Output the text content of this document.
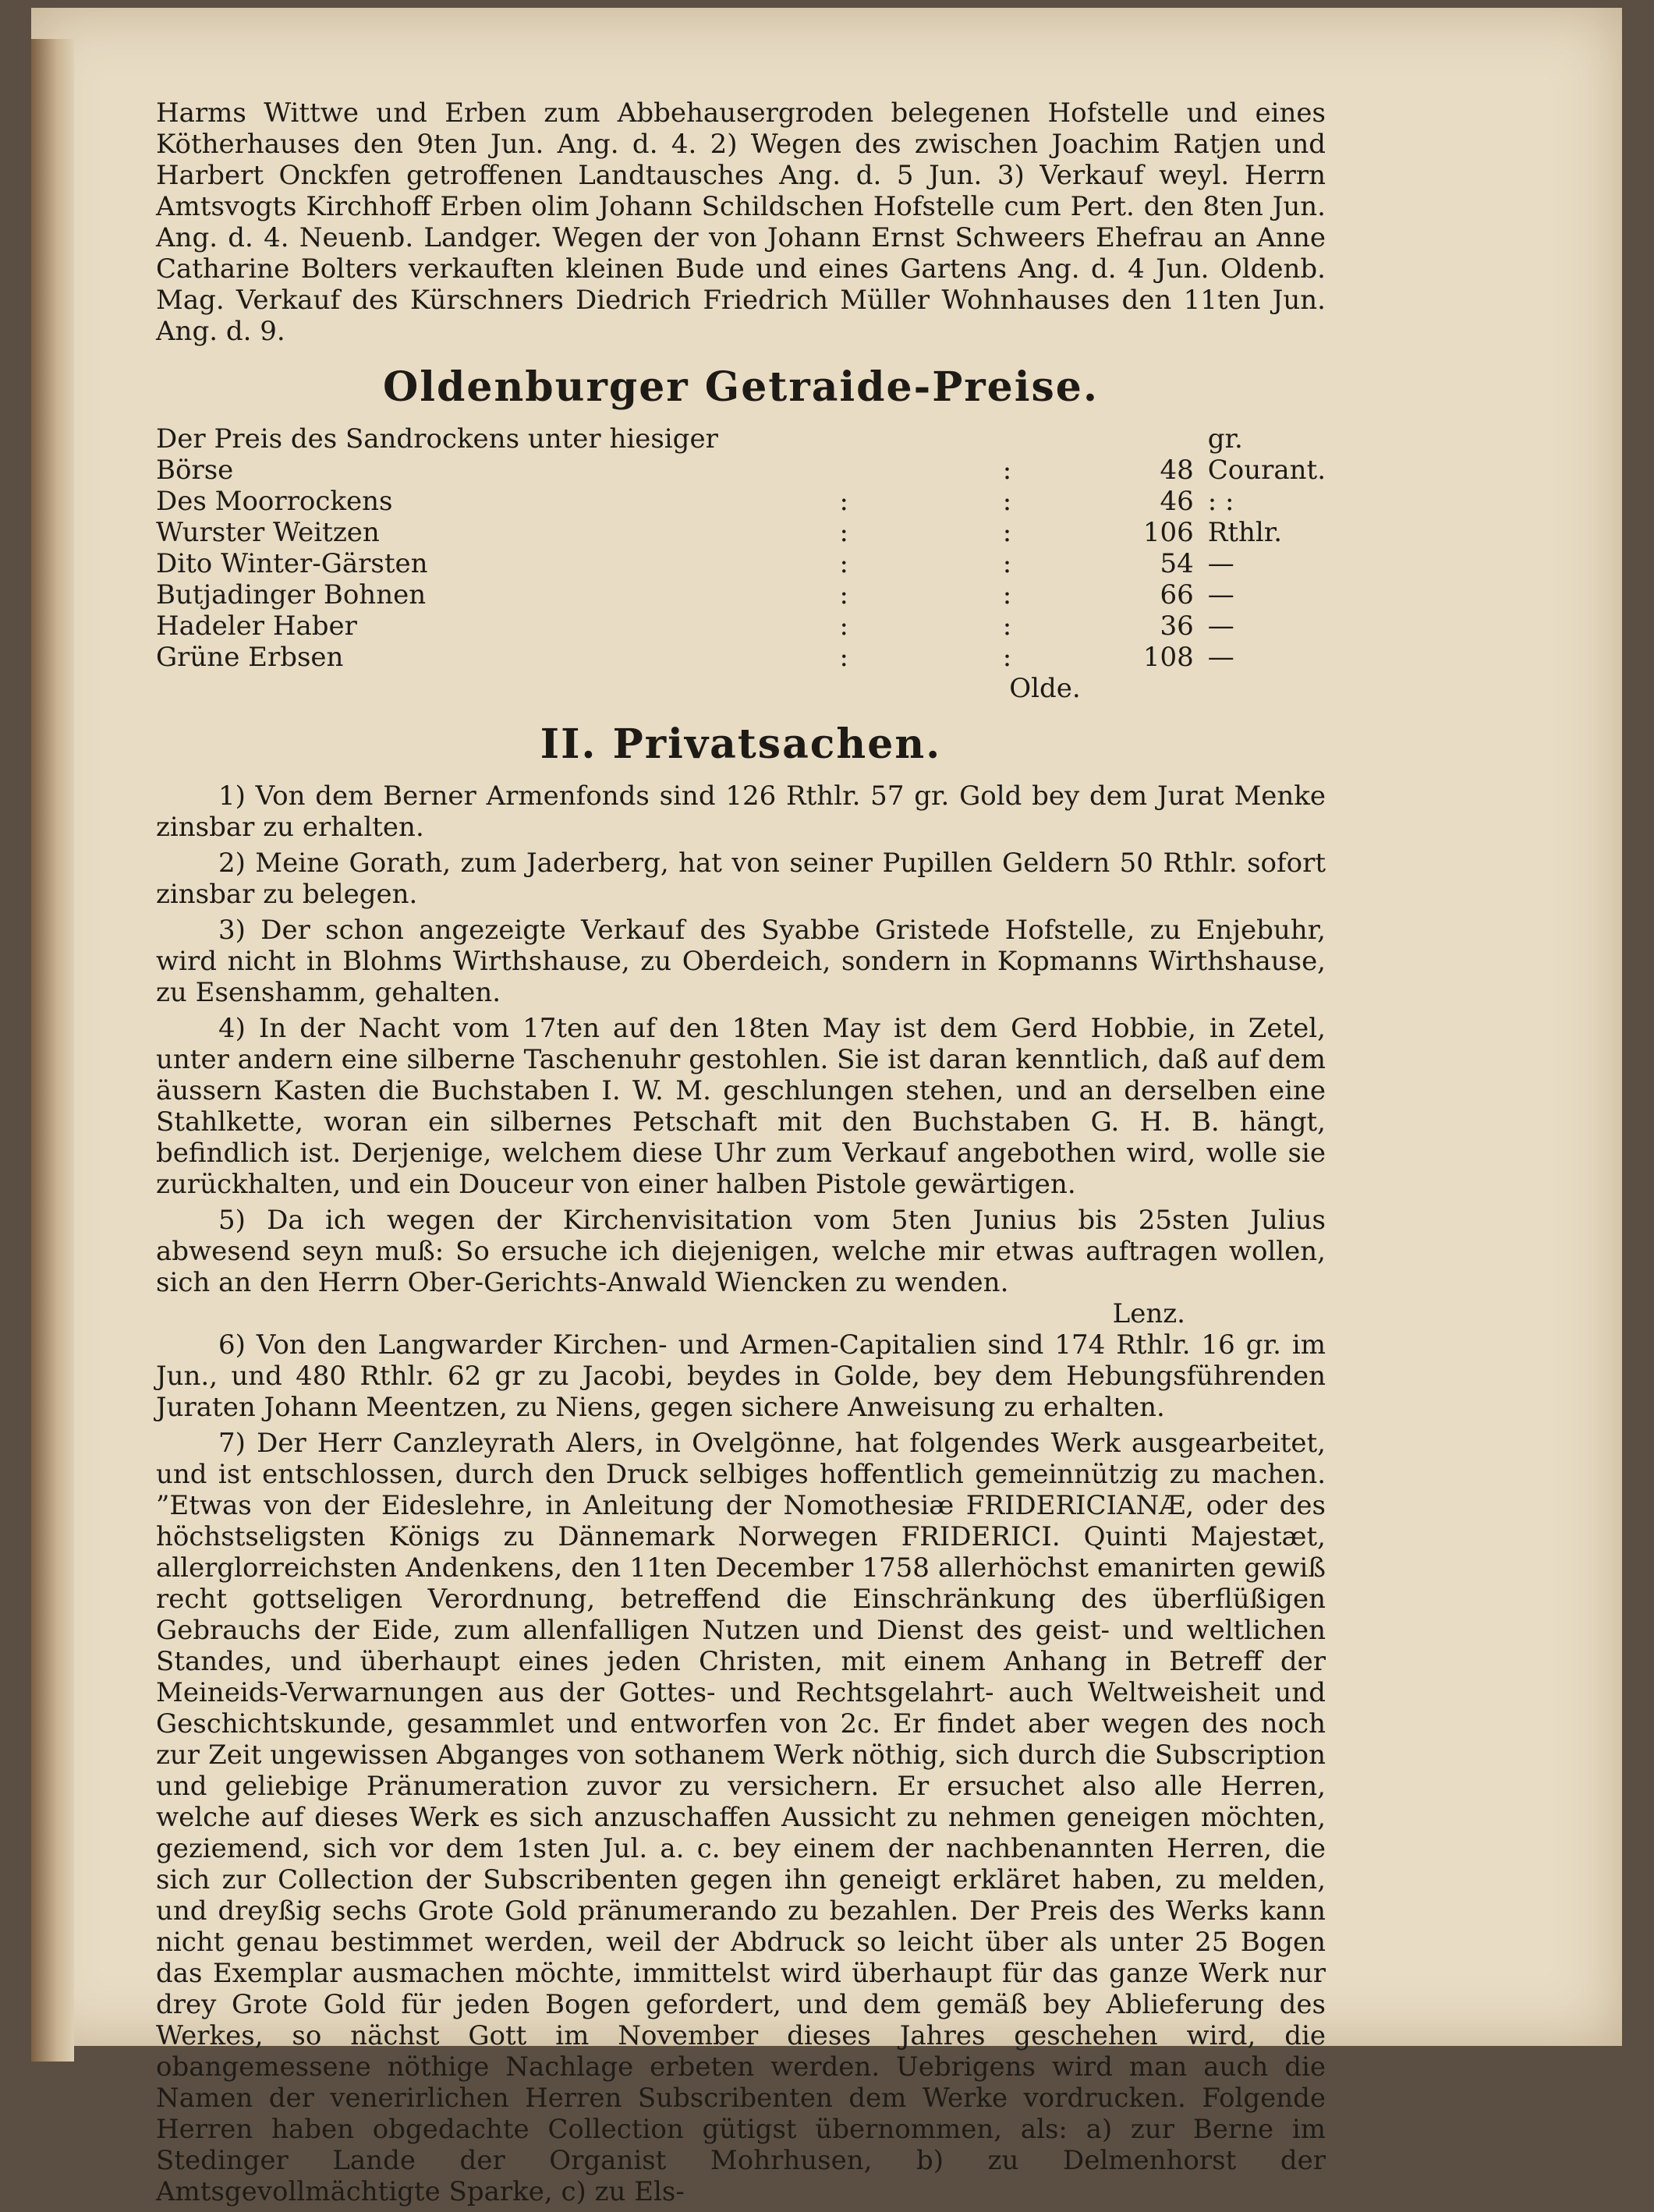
Harms Wittwe und Erben zum Abbehausergroden belegenen Hofstelle und eines Kötherhauses den 9ten Jun. Ang. d. 4. 2) Wegen des zwischen Joachim Ratjen und Harbert Onckfen getroffenen Landtausches Ang. d. 5 Jun. 3) Verkauf weyl. Herrn Amtsvogts Kirchhoff Erben olim Johann Schildschen Hofstelle cum Pert. den 8ten Jun. Ang. d. 4. Neuenb. Landger. Wegen der von Johann Ernst Schweers Ehefrau an Anne Catharine Bolters verkauften kleinen Bude und eines Gartens Ang. d. 4 Jun. Oldenb. Mag. Verkauf des Kürschners Diedrich Friedrich Müller Wohnhauses den 11ten Jun. Ang. d. 9.

Oldenburger Getraide-Preise.
Der Preis des Sandrockens unter hiesiger Börse		:	48	gr. Courant.
Des Moorrockens	:	:	46	: :
Wurster Weitzen	:	:	106	Rthlr.
Dito Winter-Gärsten	:	:	54	—
Butjadinger Bohnen	:	:	66	—
Hadeler Haber	:	:	36	—
Grüne Erbsen	:	:	108	—
Olde.
II. Privatsachen.

1) Von dem Berner Armenfonds sind 126 Rthlr. 57 gr. Gold bey dem Jurat Menke zinsbar zu erhalten.

2) Meine Gorath, zum Jaderberg, hat von seiner Pupillen Geldern 50 Rthlr. sofort zinsbar zu belegen.

3) Der schon angezeigte Verkauf des Syabbe Gristede Hofstelle, zu Enjebuhr, wird nicht in Blohms Wirthshause, zu Oberdeich, sondern in Kopmanns Wirthshause, zu Esenshamm, gehalten.

4) In der Nacht vom 17ten auf den 18ten May ist dem Gerd Hobbie, in Zetel, unter andern eine silberne Taschenuhr gestohlen. Sie ist daran kenntlich, daß auf dem äussern Kasten die Buchstaben I. W. M. geschlungen stehen, und an derselben eine Stahlkette, woran ein silbernes Petschaft mit den Buchstaben G. H. B. hängt, befindlich ist. Derjenige, welchem diese Uhr zum Verkauf angebothen wird, wolle sie zurückhalten, und ein Douceur von einer halben Pistole gewärtigen.

5) Da ich wegen der Kirchenvisitation vom 5ten Junius bis 25sten Julius abwesend seyn muß: So ersuche ich diejenigen, welche mir etwas auftragen wollen, sich an den Herrn Ober-Gerichts-Anwald Wiencken zu wenden.

Lenz.

6) Von den Langwarder Kirchen- und Armen-Capitalien sind 174 Rthlr. 16 gr. im Jun., und 480 Rthlr. 62 gr zu Jacobi, beydes in Golde, bey dem Hebungsführenden Juraten Johann Meentzen, zu Niens, gegen sichere Anweisung zu erhalten.

7) Der Herr Canzleyrath Alers, in Ovelgönne, hat folgendes Werk ausgearbeitet, und ist entschlossen, durch den Druck selbiges hoffentlich gemeinnützig zu machen. ”Etwas von der Eideslehre, in Anleitung der Nomothesiæ FRIDERICIANÆ, oder des höchstseligsten Königs zu Dännemark Norwegen FRIDERICI. Quinti Majestæt, allerglorreichsten Andenkens, den 11ten December 1758 allerhöchst emanirten gewiß recht gottseligen Verordnung, betreffend die Einschränkung des überflüßigen Gebrauchs der Eide, zum allenfalligen Nutzen und Dienst des geist- und weltlichen Standes, und überhaupt eines jeden Christen, mit einem Anhang in Betreff der Meineids-Verwarnungen aus der Gottes- und Rechtsgelahrt- auch Weltweisheit und Geschichtskunde, gesammlet und entworfen von 2c. Er findet aber wegen des noch zur Zeit ungewissen Abganges von sothanem Werk nöthig, sich durch die Subscription und geliebige Pränumeration zuvor zu versichern. Er ersuchet also alle Herren, welche auf dieses Werk es sich anzuschaffen Aussicht zu nehmen geneigen möchten, geziemend, sich vor dem 1sten Jul. a. c. bey einem der nachbenannten Herren, die sich zur Collection der Subscribenten gegen ihn geneigt erkläret haben, zu melden, und dreyßig sechs Grote Gold pränumerando zu bezahlen. Der Preis des Werks kann nicht genau bestimmet werden, weil der Abdruck so leicht über als unter 25 Bogen das Exemplar ausmachen möchte, immittelst wird überhaupt für das ganze Werk nur drey Grote Gold für jeden Bogen gefordert, und dem gemäß bey Ablieferung des Werkes, so nächst Gott im November dieses Jahres geschehen wird, die obangemessene nöthige Nachlage erbeten werden. Uebrigens wird man auch die Namen der venerirlichen Herren Subscribenten dem Werke vordrucken. Folgende Herren haben obgedachte Collection gütigst übernommen, als: a) zur Berne im Stedinger Lande der Organist Mohrhusen, b) zu Delmenhorst der Amtsgevollmächtigte Sparke, c) zu Els-
